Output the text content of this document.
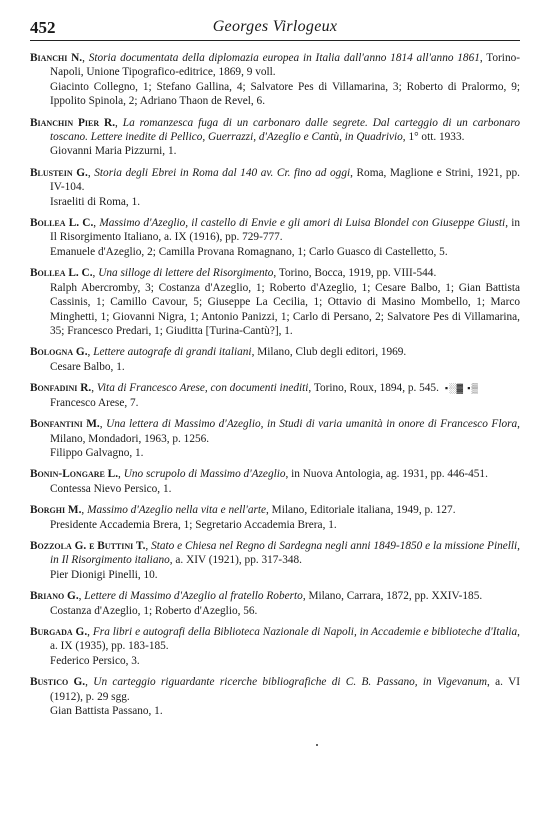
452	Georges Virlogeux
Bianchi N., Storia documentata della diplomazia europea in Italia dall'anno 1814 all'anno 1861, Torino-Napoli, Unione Tipografico-editrice, 1869, 9 voll.
Giacinto Collegno, 1; Stefano Gallina, 4; Salvatore Pes di Villamarina, 3; Roberto di Pralormo, 9; Ippolito Spinola, 2; Adriano Thaon de Revel, 6.
Bianchin Pier R., La romanzesca fuga di un carbonaro dalle segrete. Dal carteggio di un carbonaro toscano. Lettere inedite di Pellico, Guerrazzi, d'Azeglio e Cantù, in Quadrivio, 1° ott. 1933.
Giovanni Maria Pizzurni, 1.
Blustein G., Storia degli Ebrei in Roma dal 140 av. Cr. fino ad oggi, Roma, Maglione e Strini, 1921, pp. IV-104.
Israeliti di Roma, 1.
Bollea L. C., Massimo d'Azeglio, il castello di Envie e gli amori di Luisa Blondel con Giuseppe Giusti, in Il Risorgimento Italiano, a. IX (1916), pp. 729-777.
Emanuele d'Azeglio, 2; Camilla Provana Romagnano, 1; Carlo Guasco di Castelletto, 5.
Bollea L. C., Una silloge di lettere del Risorgimento, Torino, Bocca, 1919, pp. VIII-544.
Ralph Abercromby, 3; Costanza d'Azeglio, 1; Roberto d'Azeglio, 1; Cesare Balbo, 1; Gian Battista Cassinis, 1; Camillo Cavour, 5; Giuseppe La Cecilia, 1; Ottavio di Masino Mombello, 1; Marco Minghetti, 1; Giovanni Nigra, 1; Antonio Panizzi, 1; Carlo di Persano, 2; Salvatore Pes di Villamarina, 35; Francesco Predari, 1; Giuditta [Turina-Cantù?], 1.
Bologna G., Lettere autografe di grandi italiani, Milano, Club degli editori, 1969.
Cesare Balbo, 1.
Bonfadini R., Vita di Francesco Arese, con documenti inediti, Torino, Roux, 1894, p. 545. ▪░▓ ▪▒
Francesco Arese, 7.
Bonfantini M., Una lettera di Massimo d'Azeglio, in Studi di varia umanità in onore di Francesco Flora, Milano, Mondadori, 1963, p. 1256.
Filippo Galvagno, 1.
Bonin-Longare L., Uno scrupolo di Massimo d'Azeglio, in Nuova Antologia, ag. 1931, pp. 446-451.
Contessa Nievo Persico, 1.
Borghi M., Massimo d'Azeglio nella vita e nell'arte, Milano, Editoriale italiana, 1949, p. 127.
Presidente Accademia Brera, 1; Segretario Accademia Brera, 1.
Bozzola G. e Buttini T., Stato e Chiesa nel Regno di Sardegna negli anni 1849-1850 e la missione Pinelli, in Il Risorgimento italiano, a. XIV (1921), pp. 317-348.
Pier Dionigi Pinelli, 10.
Briano G., Lettere di Massimo d'Azeglio al fratello Roberto, Milano, Carrara, 1872, pp. XXIV-185.
Costanza d'Azeglio, 1; Roberto d'Azeglio, 56.
Burgada G., Fra libri e autografi della Biblioteca Nazionale di Napoli, in Accademie e biblioteche d'Italia, a. IX (1935), pp. 183-185.
Federico Persico, 3.
Bustico G., Un carteggio riguardante ricerche bibliografiche di C. B. Passano, in Vigevanum, a. VI (1912), p. 29 sgg.
Gian Battista Passano, 1.
